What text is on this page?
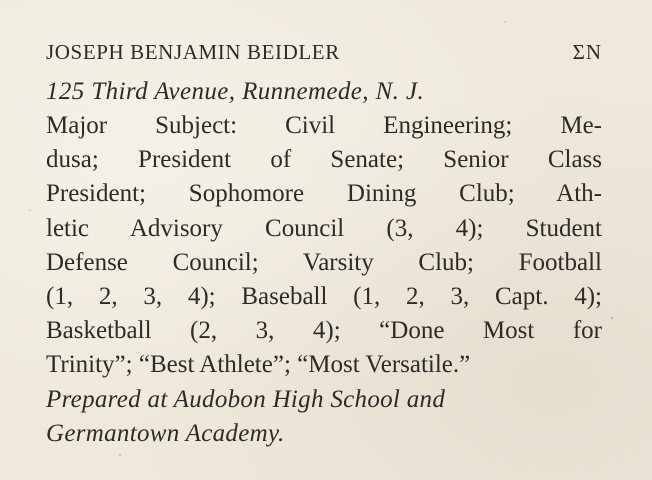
JOSEPH BENJAMIN BEIDLER	ΣΝ
125 Third Avenue, Runnemede, N. J.
Major Subject: Civil Engineering; Me-
dusa; President of Senate; Senior Class
President; Sophomore Dining Club; Ath-
letic Advisory Council (3, 4); Student
Defense Council; Varsity Club; Football
(1, 2, 3, 4); Baseball (1, 2, 3, Capt. 4);
Basketball (2, 3, 4); “Done Most for
Trinity”; “Best Athlete”; “Most Versatile.”
Prepared at Audobon High School and
Germantown Academy.
